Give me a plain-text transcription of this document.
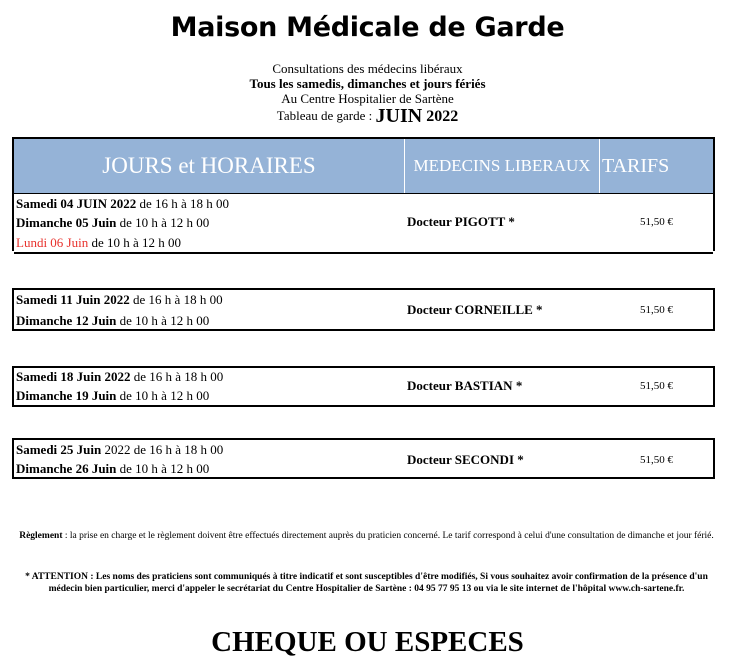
Maison Médicale de Garde
Consultations des médecins libéraux
Tous les samedis, dimanches et jours fériés
Au Centre Hospitalier de Sartène
Tableau de garde : JUIN 2022
JOURS et HORAIRES	MEDECINS LIBERAUX TARIFS
Samedi 04 JUIN 2022 de 16 h à 18 h 00
Dimanche 05 Juin de 10 h à 12 h 00
Lundi 06 Juin de 10 h à 12 h 00
Docteur PIGOTT *	51,50 €
Samedi 11 Juin 2022 de 16 h à 18 h 00
Dimanche 12 Juin de 10 h à 12 h 00
Docteur CORNEILLE *	51,50 €
Samedi 18 Juin 2022 de 16 h à 18 h 00
Dimanche 19 Juin de 10 h à 12 h 00
Docteur BASTIAN *	51,50 €
Samedi 25 Juin 2022 de 16 h à 18 h 00
Dimanche 26 Juin de 10 h à 12 h 00
Docteur SECONDI *	51,50 €
Règlement : la prise en charge et le règlement doivent être effectués directement auprès du praticien concerné. Le tarif correspond à celui d'une consultation de dimanche et jour férié.
* ATTENTION : Les noms des praticiens sont communiqués à titre indicatif et sont susceptibles d'être modifiés, Si vous souhaitez avoir confirmation de la présence d'un médecin bien particulier, merci d'appeler le secrétariat du Centre Hospitalier de Sartène : 04 95 77 95 13 ou via le site internet de l'hôpital www.ch-sartene.fr.
CHEQUE OU ESPECES
